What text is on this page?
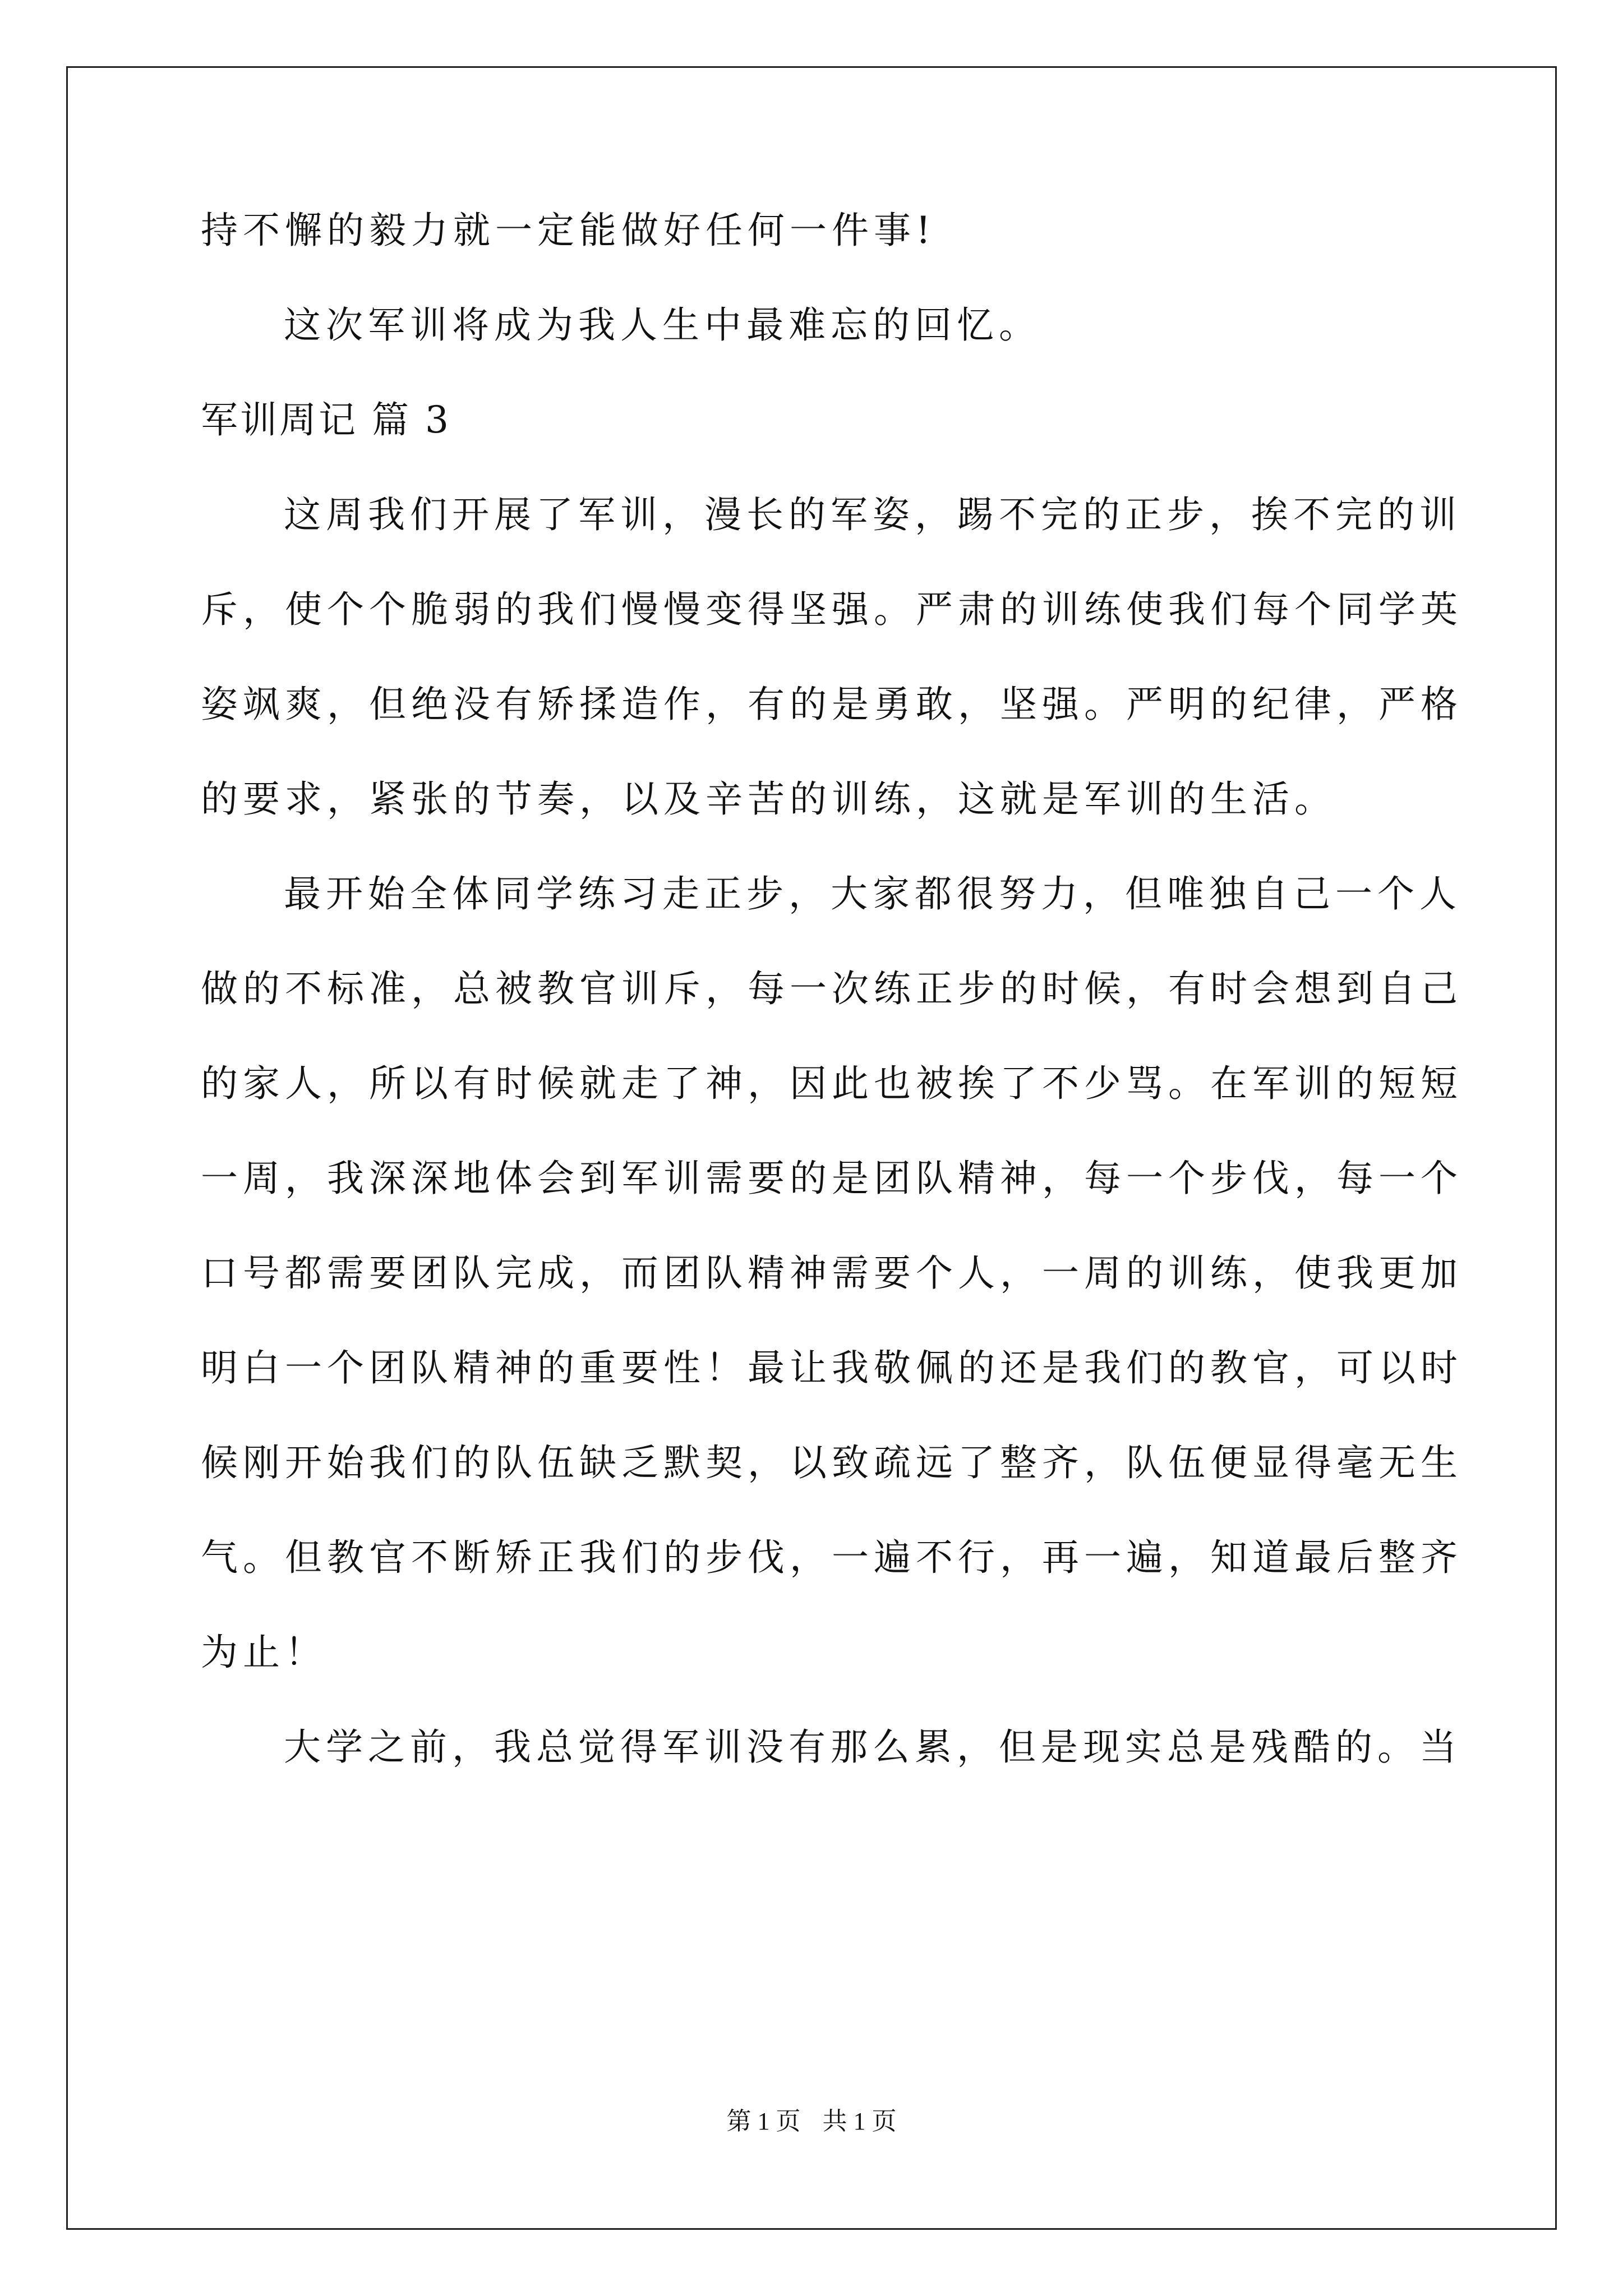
持不懈的毅力就一定能做好任何一件事!
这次军训将成为我人生中最难忘的回忆。
军训周记 篇 3
这周我们开展了军训，漫长的军姿，踢不完的正步，挨不完的训
斥，使个个脆弱的我们慢慢变得坚强。严肃的训练使我们每个同学英
姿飒爽，但绝没有矫揉造作，有的是勇敢，坚强。严明的纪律，严格
的要求，紧张的节奏，以及辛苦的训练，这就是军训的生活。
最开始全体同学练习走正步，大家都很努力，但唯独自己一个人
做的不标准，总被教官训斥，每一次练正步的时候，有时会想到自己
的家人，所以有时候就走了神，因此也被挨了不少骂。在军训的短短
一周，我深深地体会到军训需要的是团队精神，每一个步伐，每一个
口号都需要团队完成，而团队精神需要个人，一周的训练，使我更加
明白一个团队精神的重要性！最让我敬佩的还是我们的教官，可以时
候刚开始我们的队伍缺乏默契，以致疏远了整齐，队伍便显得毫无生
气。但教官不断矫正我们的步伐，一遍不行，再一遍，知道最后整齐
为止！
大学之前，我总觉得军训没有那么累，但是现实总是残酷的。当
第 1 页 共 1 页
